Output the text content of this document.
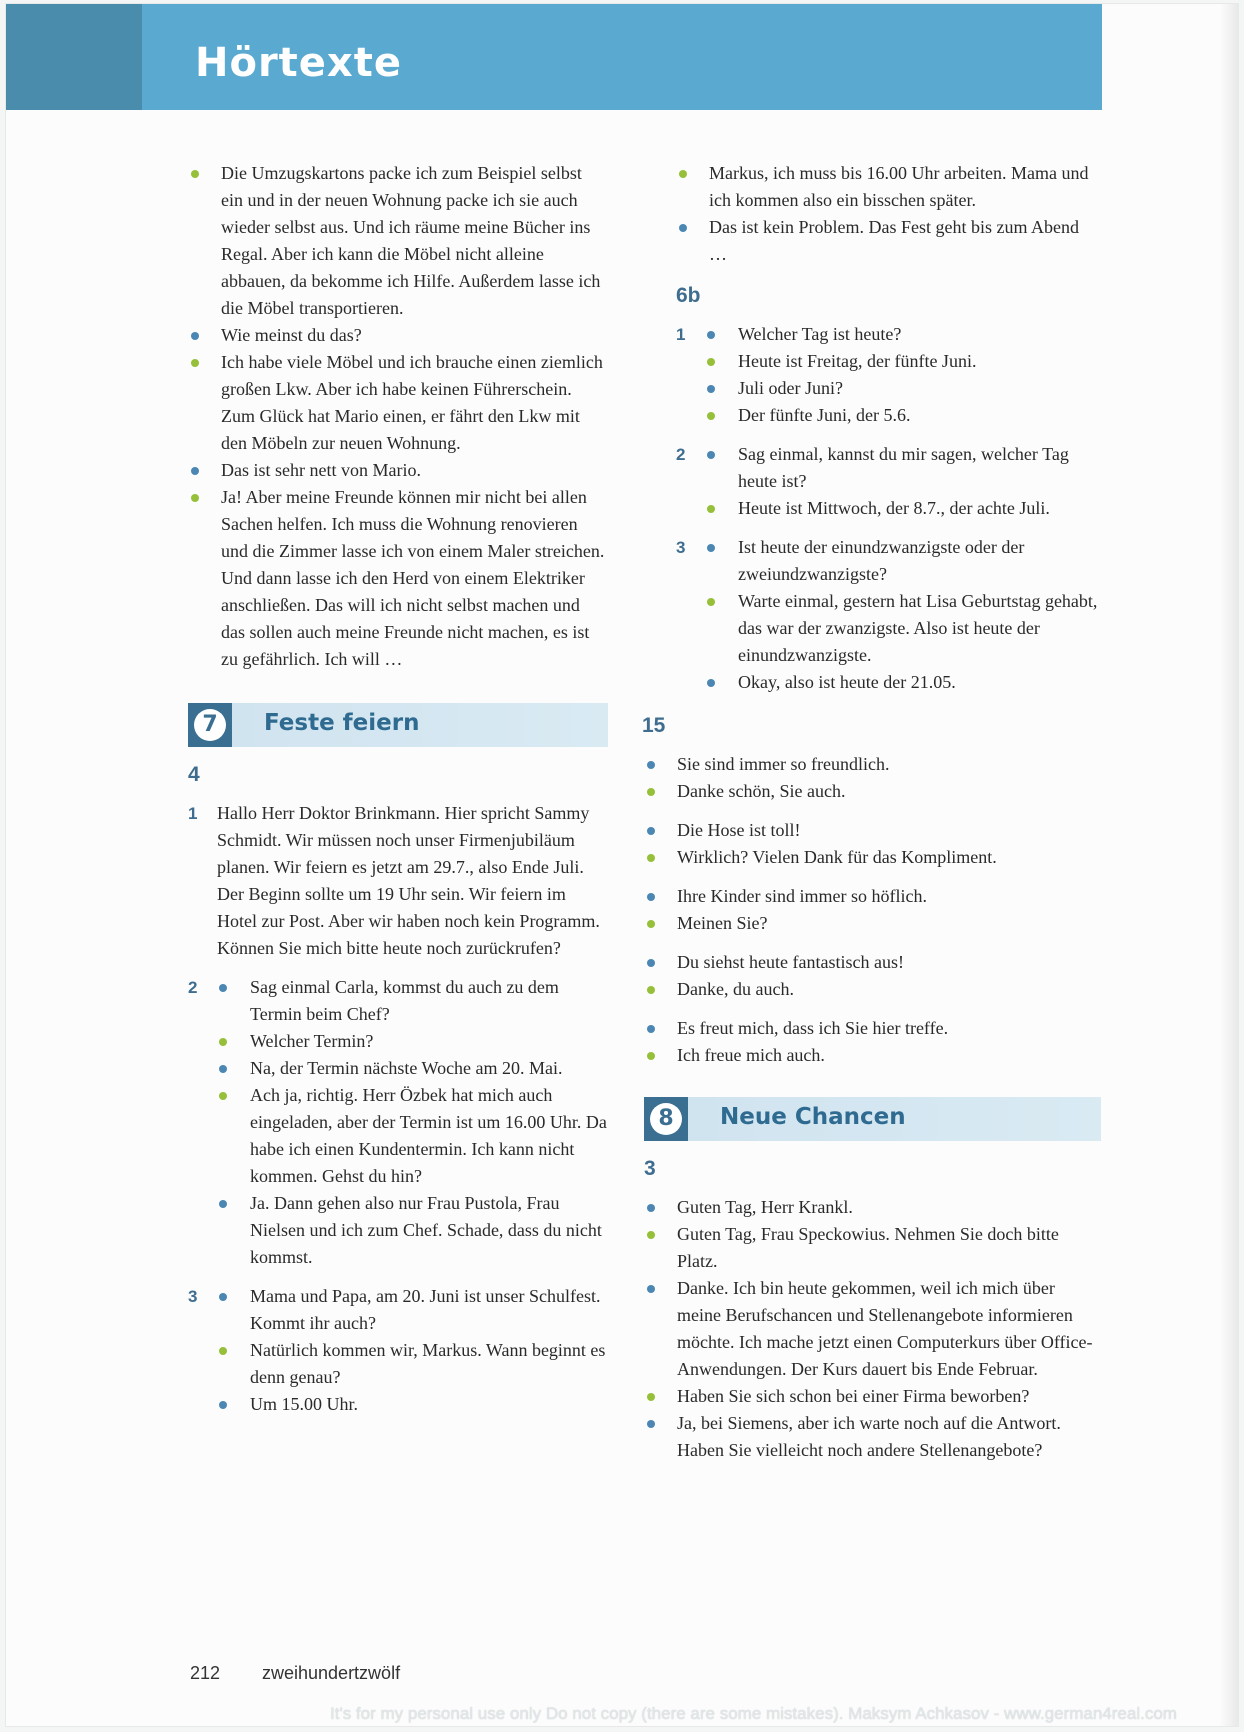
Hörtexte
Die Umzugskartons packe ich zum Beispiel selbst ein und in der neuen Wohnung packe ich sie auch wieder selbst aus. Und ich räume meine Bücher ins Regal. Aber ich kann die Möbel nicht alleine abbauen, da bekomme ich Hilfe. Außerdem lasse ich die Möbel transportieren.
Wie meinst du das?
Ich habe viele Möbel und ich brauche einen ziemlich großen Lkw. Aber ich habe keinen Führerschein. Zum Glück hat Mario einen, er fährt den Lkw mit den Möbeln zur neuen Wohnung.
Das ist sehr nett von Mario.
Ja! Aber meine Freunde können mir nicht bei allen Sachen helfen. Ich muss die Wohnung renovieren und die Zimmer lasse ich von einem Maler streichen. Und dann lasse ich den Herd von einem Elektriker anschließen. Das will ich nicht selbst machen und das sollen auch meine Freunde nicht machen, es ist zu gefährlich. Ich will …
7	Feste feiern
4
1 Hallo Herr Doktor Brinkmann. Hier spricht Sammy Schmidt. Wir müssen noch unser Firmenjubiläum planen. Wir feiern es jetzt am 29.7., also Ende Juli. Der Beginn sollte um 19 Uhr sein. Wir feiern im Hotel zur Post. Aber wir haben noch kein Programm. Können Sie mich bitte heute noch zurückrufen?
2	Sag einmal Carla, kommst du auch zu dem Termin beim Chef?
Welcher Termin?
Na, der Termin nächste Woche am 20. Mai.
Ach ja, richtig. Herr Özbek hat mich auch eingeladen, aber der Termin ist um 16.00 Uhr. Da habe ich einen Kundentermin. Ich kann nicht kommen. Gehst du hin?
Ja. Dann gehen also nur Frau Pustola, Frau Nielsen und ich zum Chef. Schade, dass du nicht kommst.
3	Mama und Papa, am 20. Juni ist unser Schulfest. Kommt ihr auch?
Natürlich kommen wir, Markus. Wann beginnt es denn genau?
Um 15.00 Uhr.
Markus, ich muss bis 16.00 Uhr arbeiten. Mama und ich kommen also ein bisschen später.
Das ist kein Problem. Das Fest geht bis zum Abend …
6b
1	Welcher Tag ist heute?
Heute ist Freitag, der fünfte Juni.
Juli oder Juni?
Der fünfte Juni, der 5.6.
2	Sag einmal, kannst du mir sagen, welcher Tag heute ist?
Heute ist Mittwoch, der 8.7., der achte Juli.
3	Ist heute der einundzwanzigste oder der zweiundzwanzigste?
Warte einmal, gestern hat Lisa Geburtstag gehabt, das war der zwanzigste. Also ist heute der einundzwanzigste.
Okay, also ist heute der 21.05.
15
Sie sind immer so freundlich.
Danke schön, Sie auch.
Die Hose ist toll!
Wirklich? Vielen Dank für das Kompliment.
Ihre Kinder sind immer so höflich.
Meinen Sie?
Du siehst heute fantastisch aus!
Danke, du auch.
Es freut mich, dass ich Sie hier treffe.
Ich freue mich auch.
8	Neue Chancen
3
Guten Tag, Herr Krankl.
Guten Tag, Frau Speckowius. Nehmen Sie doch bitte Platz.
Danke. Ich bin heute gekommen, weil ich mich über meine Berufschancen und Stellenangebote informieren möchte. Ich mache jetzt einen Computerkurs über Office-Anwendungen. Der Kurs dauert bis Ende Februar.
Haben Sie sich schon bei einer Firma beworben?
Ja, bei Siemens, aber ich warte noch auf die Antwort. Haben Sie vielleicht noch andere Stellenangebote?
212 zweihundertzwölf
It's for my personal use only Do not copy (there are some mistakes). Maksym Achkasov - www.german4real.com
